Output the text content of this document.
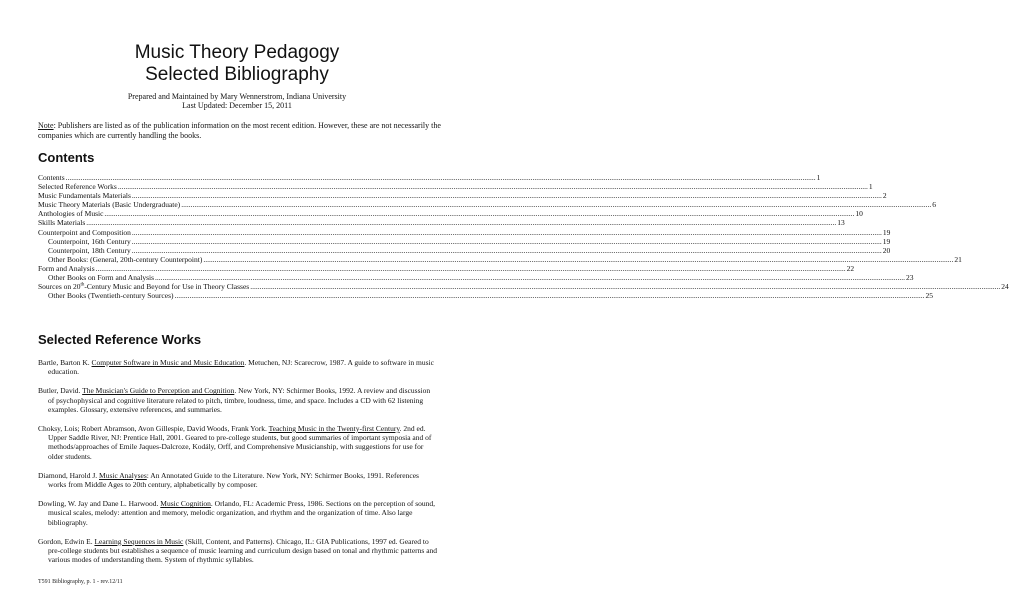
Music Theory Pedagogy
Selected Bibliography
Prepared and Maintained by Mary Wennerstrom, Indiana University
Last Updated: December 15, 2011
Note: Publishers are listed as of the publication information on the most recent edition. However, these are not necessarily the companies which are currently handling the books.
Contents
Contents ................................................................................................................................................................................................................................................................................................................................................................................................................ 1
Selected Reference Works ................................................................................................................................................................................................................................................................................................................................................................................................................ 1
Music Fundamentals Materials ................................................................................................................................................................................................................................................................................................................................................................................................................ 2
Music Theory Materials (Basic Undergraduate) ................................................................................................................................................................................................................................................................................................................................................................................................................ 6
Anthologies of Music ................................................................................................................................................................................................................................................................................................................................................................................................................ 10
Skills Materials ................................................................................................................................................................................................................................................................................................................................................................................................................ 13
Counterpoint and Composition ................................................................................................................................................................................................................................................................................................................................................................................................................ 19
Counterpoint, 16th Century ................................................................................................................................................................................................................................................................................................................................................................................................................ 19
Counterpoint, 18th Century ................................................................................................................................................................................................................................................................................................................................................................................................................ 20
Other Books: (General, 20th-century Counterpoint) ................................................................................................................................................................................................................................................................................................................................................................................................................ 21
Form and Analysis ................................................................................................................................................................................................................................................................................................................................................................................................................ 22
Other Books on Form and Analysis ................................................................................................................................................................................................................................................................................................................................................................................................................ 23
Sources on 20th-Century Music and Beyond for Use in Theory Classes ................................................................................................................................................................................................................................................................................................................................................................................................................ 24
Other Books (Twentieth-century Sources) ................................................................................................................................................................................................................................................................................................................................................................................................................ 25
Selected Reference Works
Bartle, Barton K. Computer Software in Music and Music Education. Metuchen, NJ: Scarecrow, 1987. A guide to software in music education.
Butler, David. The Musician's Guide to Perception and Cognition. New York, NY: Schirmer Books, 1992. A review and discussion of psychophysical and cognitive literature related to pitch, timbre, loudness, time, and space. Includes a CD with 62 listening examples. Glossary, extensive references, and summaries.
Choksy, Lois; Robert Abramson, Avon Gillespie, David Woods, Frank York. Teaching Music in the Twenty-first Century. 2nd ed. Upper Saddle River, NJ: Prentice Hall, 2001. Geared to pre-college students, but good summaries of important symposia and of methods/approaches of Emile Jaques-Dalcroze, Kodály, Orff, and Comprehensive Musicianship, with suggestions for use for older students.
Diamond, Harold J. Music Analyses: An Annotated Guide to the Literature. New York, NY: Schirmer Books, 1991. References works from Middle Ages to 20th century, alphabetically by composer.
Dowling, W. Jay and Dane L. Harwood. Music Cognition. Orlando, FL: Academic Press, 1986. Sections on the perception of sound, musical scales, melody: attention and memory, melodic organization, and rhythm and the organization of time. Also large bibliography.
Gordon, Edwin E. Learning Sequences in Music (Skill, Content, and Patterns). Chicago, IL: GIA Publications, 1997 ed. Geared to pre-college students but establishes a sequence of music learning and curriculum design based on tonal and rhythmic patterns and various modes of understanding them. System of rhythmic syllables.
T591 Bibliography, p. 1 - rev.12/11
